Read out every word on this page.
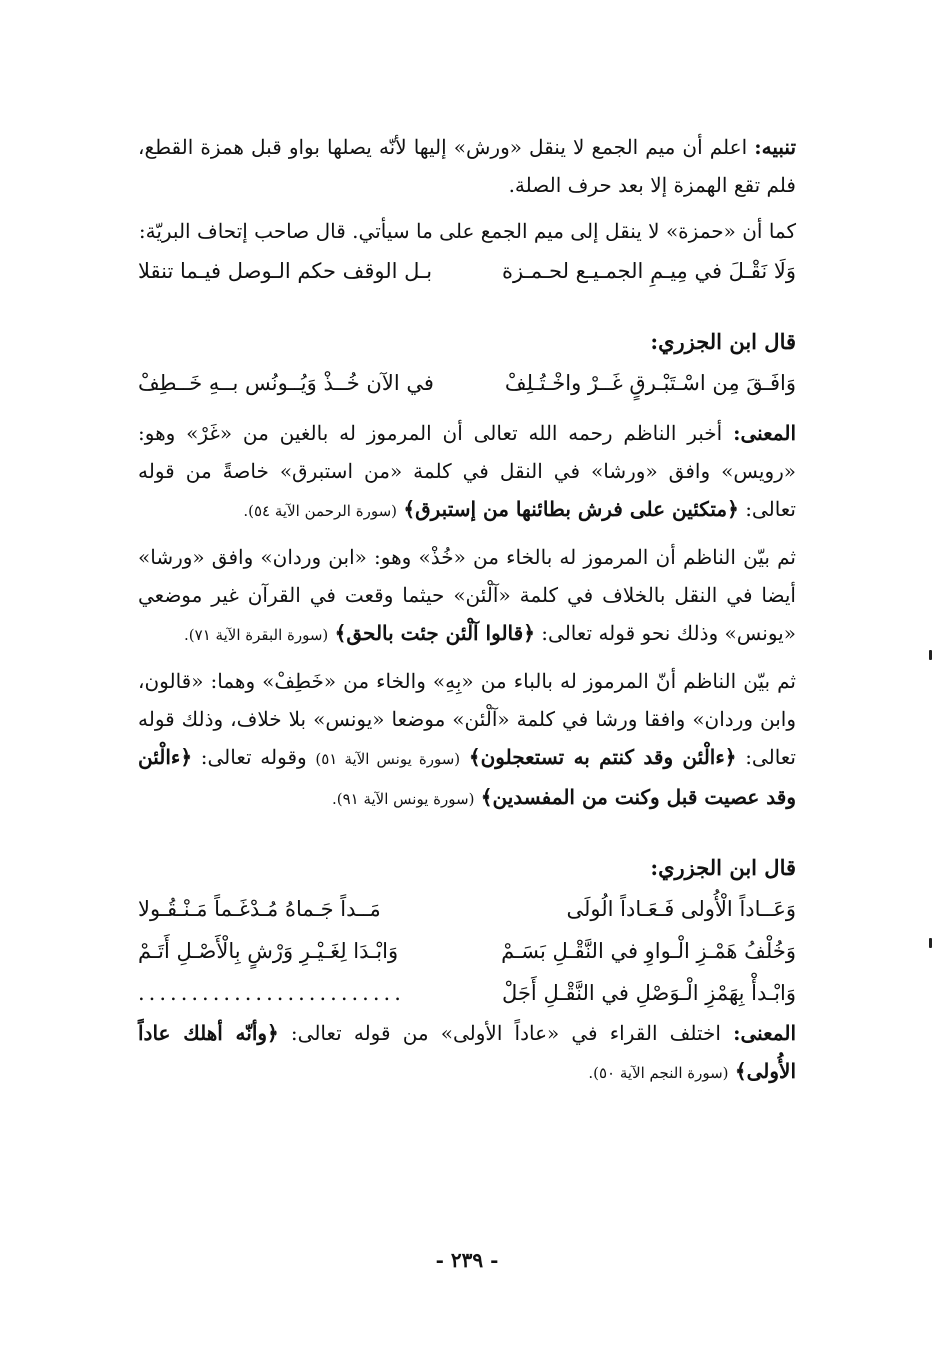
تنبيه: اعلم أن ميم الجمع لا ينقل «ورش» إليها لأنّه يصلها بواو قبل همزة القطع، فلم تقع الهمزة إلا بعد حرف الصلة.

كما أن «حمزة» لا ينقل إلى ميم الجمع على ما سيأتي. قال صاحب إتحاف البريّة:

وَلَا نَقْـلَ في مِيـمِ الجمـيـع لحـمـزة
بـل الوقف حكم الـوصل فيـما تنقلا

قال ابن الجزري:

وَافَـقَ مِن اسْـتَبْـرقٍ غَــرْ واخْـتُـلِفْ
في الآن خُــذْ وَيُــونُس بــهِ خَــطِفْ

المعنى: أخبر الناظم رحمه الله تعالى أن المرموز له بالغين من «غَرْ» وهو: «رويس» وافق «ورشا» في النقل في كلمة «من استبرق» خاصةً من قوله تعالى: ﴿متكئين على فرش بطائنها من إستبرق﴾ (سورة الرحمن الآية ٥٤).

ثم بيّن الناظم أن المرموز له بالخاء من «خُذْ» وهو: «ابن وردان» وافق «ورشا» أيضا في النقل بالخلاف في كلمة «آلْئن» حيثما وقعت في القرآن غير موضعي «يونس» وذلك نحو قوله تعالى: ﴿قالوا آلْئن جئت بالحق﴾ (سورة البقرة الآية ٧١).

ثم بيّن الناظم أنّ المرموز له بالباء من «بِهِ» والخاء من «خَطِفْ» وهما: «قالون، وابن وردان» وافقا ورشا في كلمة «آلْئن» موضعا «يونس» بلا خلاف، وذلك قوله تعالى: ﴿ءالْئن وقد كنتم به تستعجلون﴾ (سورة يونس الآية ٥١) وقوله تعالى: ﴿ءالْئن وقد عصيت قبل وكنت من المفسدين﴾ (سورة يونس الآية ٩١).

قال ابن الجزري:

وَعَــاداً الْأُولى فَـعَـاداً الُولَى
مَــداً جَـماهُ مُـدْغَـماً مَـنْـقُـولا
وَخُلْفُ هَمْـزِ الْـواوِ في النَّقْـلِ بَسَـمْ
وَابْـدَا لِغَـيْـرِ وَرْشٍ بِالْأَصْـلِ أَتَـمْ
وَابْـدأْ بِهَمْزِ الْـوَصْلِ في النَّقْـلِ أَجَلْ
.........................

المعنى: اختلف القراء في «عاداً الأولى» من قوله تعالى: ﴿وأنّه أهلك عاداً الأُولى﴾ (سورة النجم الآية ٥٠).

- ٢٣٩ -
